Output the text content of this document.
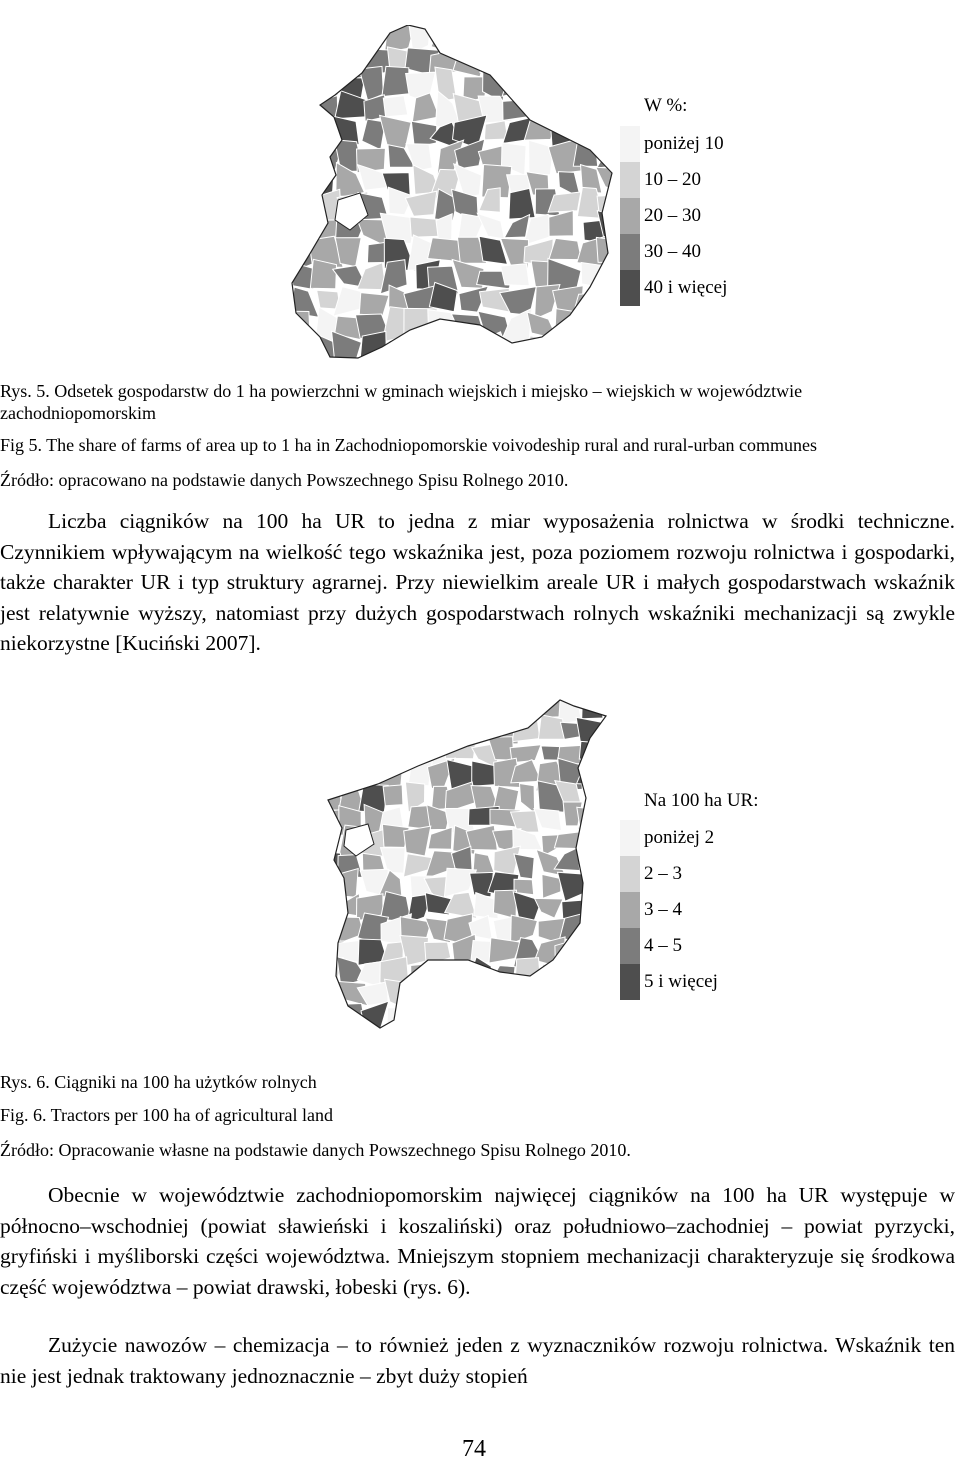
W %:
poniżej 10
10 – 20
20 – 30
30 – 40
40 i więcej
Rys. 5. Odsetek gospodarstw do 1 ha powierzchni w gminach wiejskich i miejsko – wiejskich w województwie zachodniopomorskim
Fig 5. The share of farms of area up to 1 ha in Zachodniopomorskie voivodeship rural and rural-urban communes
Źródło: opracowano na podstawie danych Powszechnego Spisu Rolnego 2010.

Liczba ciągników na 100 ha UR to jedna z miar wyposażenia rolnictwa w środki techniczne. Czynnikiem wpływającym na wielkość tego wskaźnika jest, poza poziomem rozwoju rolnictwa i gospodarki, także charakter UR i typ struktury agrarnej. Przy niewielkim areale UR i małych gospodarstwach wskaźnik jest relatywnie wyższy, natomiast przy dużych gospodarstwach rolnych wskaźniki mechanizacji są zwykle niekorzystne [Kuciński 2007].

Na 100 ha UR:
poniżej 2
2 – 3
3 – 4
4 – 5
5 i więcej
Rys. 6. Ciągniki na 100 ha użytków rolnych
Fig. 6. Tractors per 100 ha of agricultural land
Źródło: Opracowanie własne na podstawie danych Powszechnego Spisu Rolnego 2010.

Obecnie w województwie zachodniopomorskim najwięcej ciągników na 100 ha UR występuje w północno–wschodniej (powiat sławieński i koszaliński) oraz południowo–zachodniej – powiat pyrzycki, gryfiński i myśliborski części województwa. Mniejszym stopniem mechanizacji charakteryzuje się środkowa część województwa – powiat drawski, łobeski (rys. 6).

Zużycie nawozów – chemizacja – to również jeden z wyznaczników rozwoju rolnictwa. Wskaźnik ten nie jest jednak traktowany jednoznacznie – zbyt duży stopień

74
